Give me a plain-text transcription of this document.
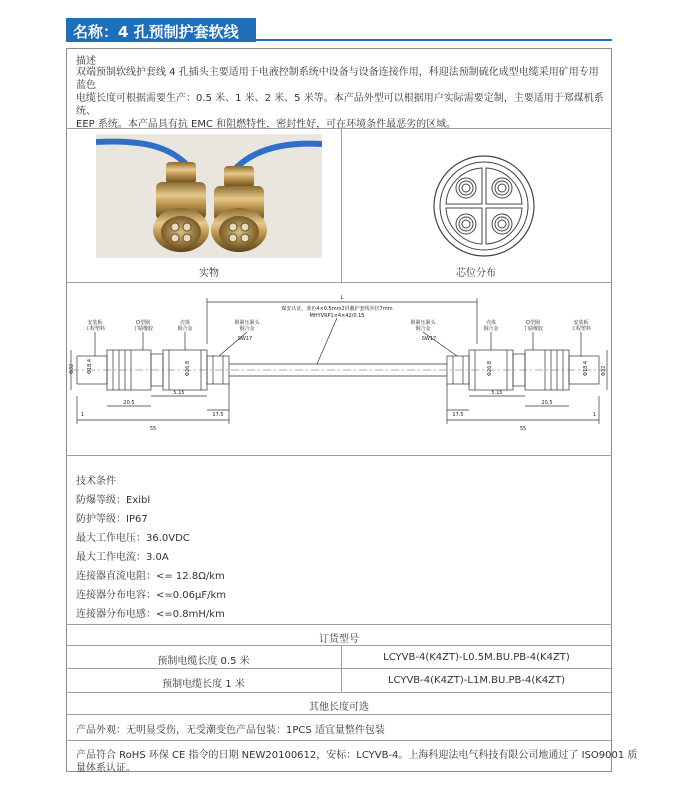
名称：4 孔预制护套软线
描述
双端预制软线护套线 4 孔插头主要适用于电液控制系统中设备与设备连接作用，科迎法预制硫化成型电缆采用矿用专用蓝色
电缆长度可根据需要生产：0.5 米、1 米、2 米、5 米等。本产品外型可以根据用户实际需要定制，主要适用于郑煤机系统、
EEP 系统。本产品具有抗 EMC 和阻燃特性，密封性好，可在环境条件最恶劣的区域。
实物	芯位分布
L
煤安认证，蓝色4×0.5mm2屏蔽护套线外径7mm
MHYVRP1×4×42/0.15
安装板工程塑料
O型圈丁腈橡胶
壳体铜合金
锁紧压紧头铜合金
SW17
锁紧压紧头铜合金
SW17
壳体铜合金
O型圈丁腈橡胶
安装板工程塑料
Φ32 Φ18.4	Φ26.8	Φ26.8	Φ18.4 Φ32
20.5
5.15
17.5
55
1
20.5
5.15
17.5
55
1
技术条件
防爆等级：Exibl
防护等级：IP67
最大工作电压：36.0VDC
最大工作电流：3.0A
连接器直流电阻：<= 12.8Ω/km
连接器分布电容：<=0.06μF/km
连接器分布电感：<=0.8mH/km
订货型号
预制电缆长度 0.5 米	LCYVB-4(K4ZT)-L0.5M.BU.PB-4(K4ZT)
预制电缆长度 1 米	LCYVB-4(K4ZT)-L1M.BU.PB-4(K4ZT)
其他长度可选
产品外观：无明显受伤，无受潮变色产品包装：1PCS 适宜量整件包装
产品符合 RoHS 环保 CE 指令的日期 NEW20100612，安标：LCYVB-4。上海科迎法电气科技有限公司地通过了 ISO9001 质
量体系认证。
